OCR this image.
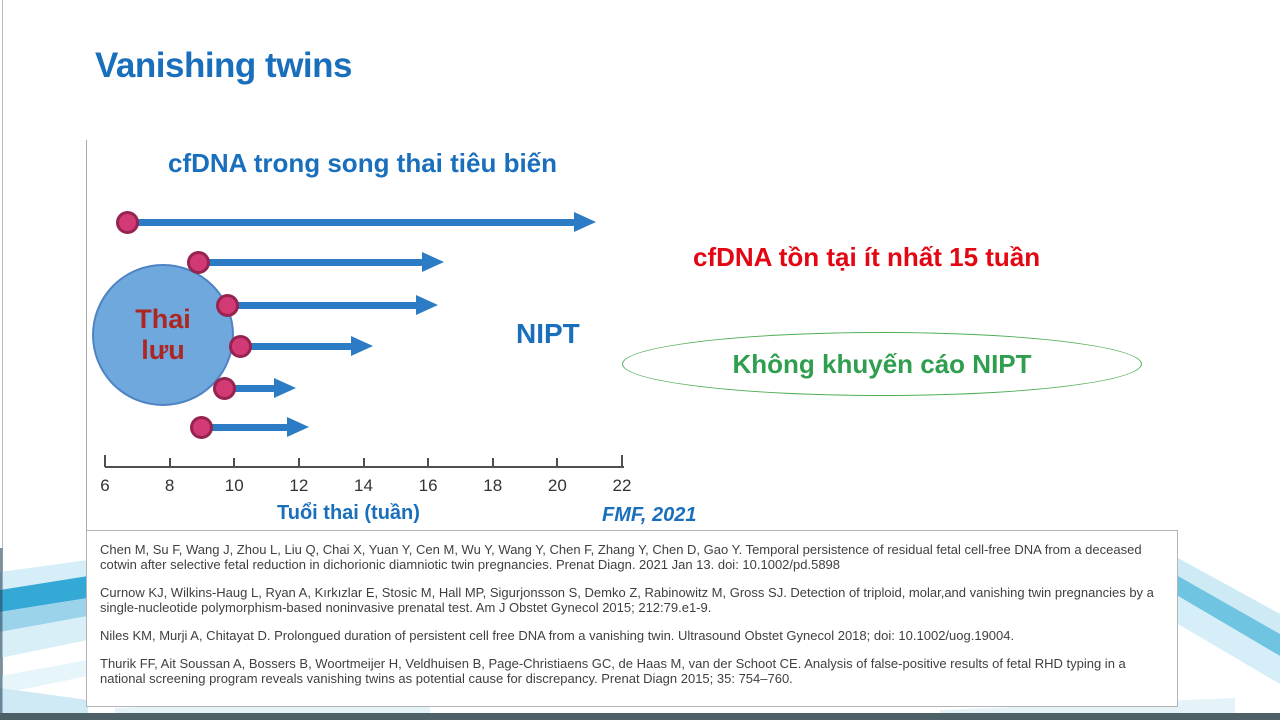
Vanishing twins
cfDNA trong song thai tiêu biến
Thai
lưu
NIPT
6	8	10	12	14	16	18	20	22
Tuổi thai (tuần)	FMF, 2021
cfDNA tồn tại ít nhất 15 tuần
Không khuyến cáo NIPT

Chen M, Su F, Wang J, Zhou L, Liu Q, Chai X, Yuan Y, Cen M, Wu Y, Wang Y, Chen F, Zhang Y, Chen D, Gao Y. Temporal persistence of residual fetal cell-free DNA from a deceased cotwin after selective fetal reduction in dichorionic diamniotic twin pregnancies. Prenat Diagn. 2021 Jan 13. doi: 10.1002/pd.5898

Curnow KJ, Wilkins-Haug L, Ryan A, Kırkızlar E, Stosic M, Hall MP, Sigurjonsson S, Demko Z, Rabinowitz M, Gross SJ. Detection of triploid, molar,and vanishing twin pregnancies by a single-nucleotide polymorphism-based noninvasive prenatal test. Am J Obstet Gynecol 2015; 212:79.e1-9.

Niles KM, Murji A, Chitayat D. Prolongued duration of persistent cell free DNA from a vanishing twin. Ultrasound Obstet Gynecol 2018; doi: 10.1002/uog.19004.

Thurik FF, Ait Soussan A, Bossers B, Woortmeijer H, Veldhuisen B, Page-Christiaens GC, de Haas M, van der Schoot CE. Analysis of false-positive results of fetal RHD typing in a national screening program reveals vanishing twins as potential cause for discrepancy. Prenat Diagn 2015; 35: 754–760.
